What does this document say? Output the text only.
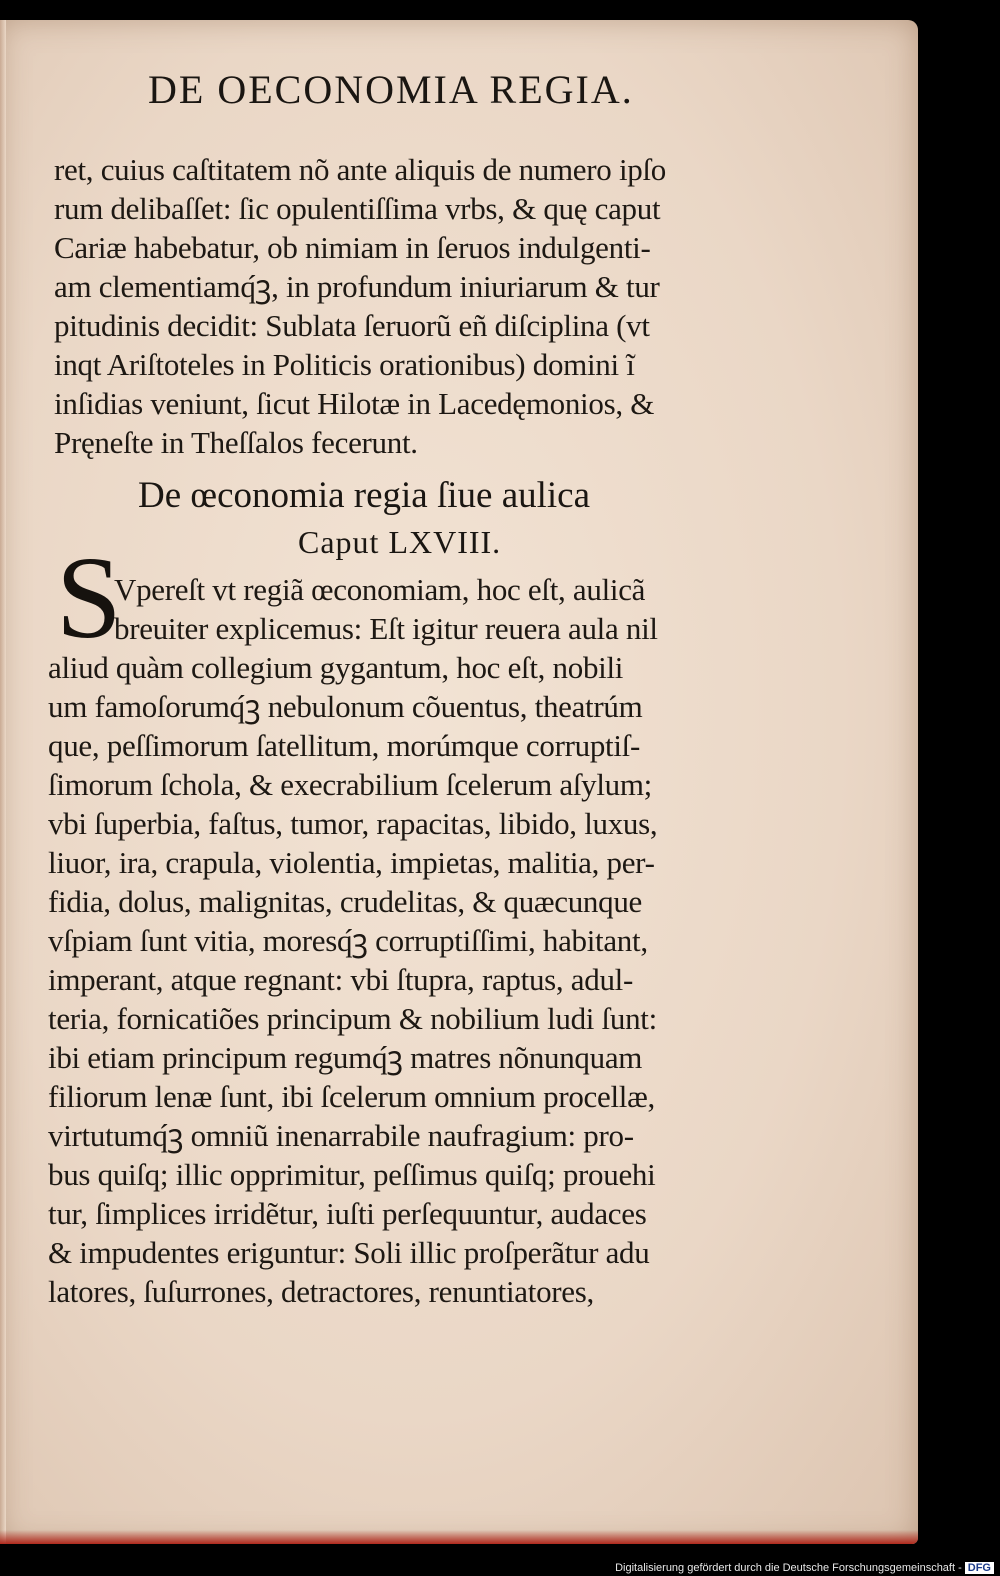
DE OECONOMIA REGIA.
ret, cuius caſtitatem nõ ante aliquis de numero ipſo
rum delibaſſet: ſic opulentiſſima vrbs, & quę caput
Cariæ habebatur, ob nimiam in ſeruos indulgenti-
am clementiamq́ꝫ, in profundum iniuriarum & tur
pitudinis decidit: Sublata ſeruorũ eñ diſciplina (vt
inqt Ariſtoteles in Politicis orationibus) domini ĩ
inſidias veniunt, ſicut Hilotæ in Lacedęmonios, &
Pręneſte in Theſſalos fecerunt.
De œconomia regia ſiue aulica
Caput LXVIII.
S
Vpereſt vt regiã œconomiam, hoc eſt, aulicã
breuiter explicemus: Eſt igitur reuera aula nil
aliud quàm collegium gygantum, hoc eſt, nobili
um famoſorumq́ꝫ nebulonum cõuentus, theatrúm
que, peſſimorum ſatellitum, morúmque corruptiſ-
ſimorum ſchola, & execrabilium ſcelerum aſylum;
vbi ſuperbia, faſtus, tumor, rapacitas, libido, luxus,
liuor, ira, crapula, violentia, impietas, malitia, per-
fidia, dolus, malignitas, crudelitas, & quæcunque
vſpiam ſunt vitia, moresq́ꝫ corruptiſſimi, habitant,
imperant, atque regnant: vbi ſtupra, raptus, adul-
teria, fornicatiões principum & nobilium ludi ſunt:
ibi etiam principum regumq́ꝫ matres nõnunquam
filiorum lenæ ſunt, ibi ſcelerum omnium procellæ,
virtutumq́ꝫ omniũ inenarrabile naufragium: pro-
bus quiſq; illic opprimitur, peſſimus quiſq; prouehi
tur, ſimplices irridẽtur, iuſti perſequuntur, audaces
& impudentes eriguntur: Soli illic proſperãtur adu
latores, ſuſurrones, detractores, renuntiatores,
Digitalisierung gefördert durch die Deutsche Forschungsgemeinschaft - DFG
